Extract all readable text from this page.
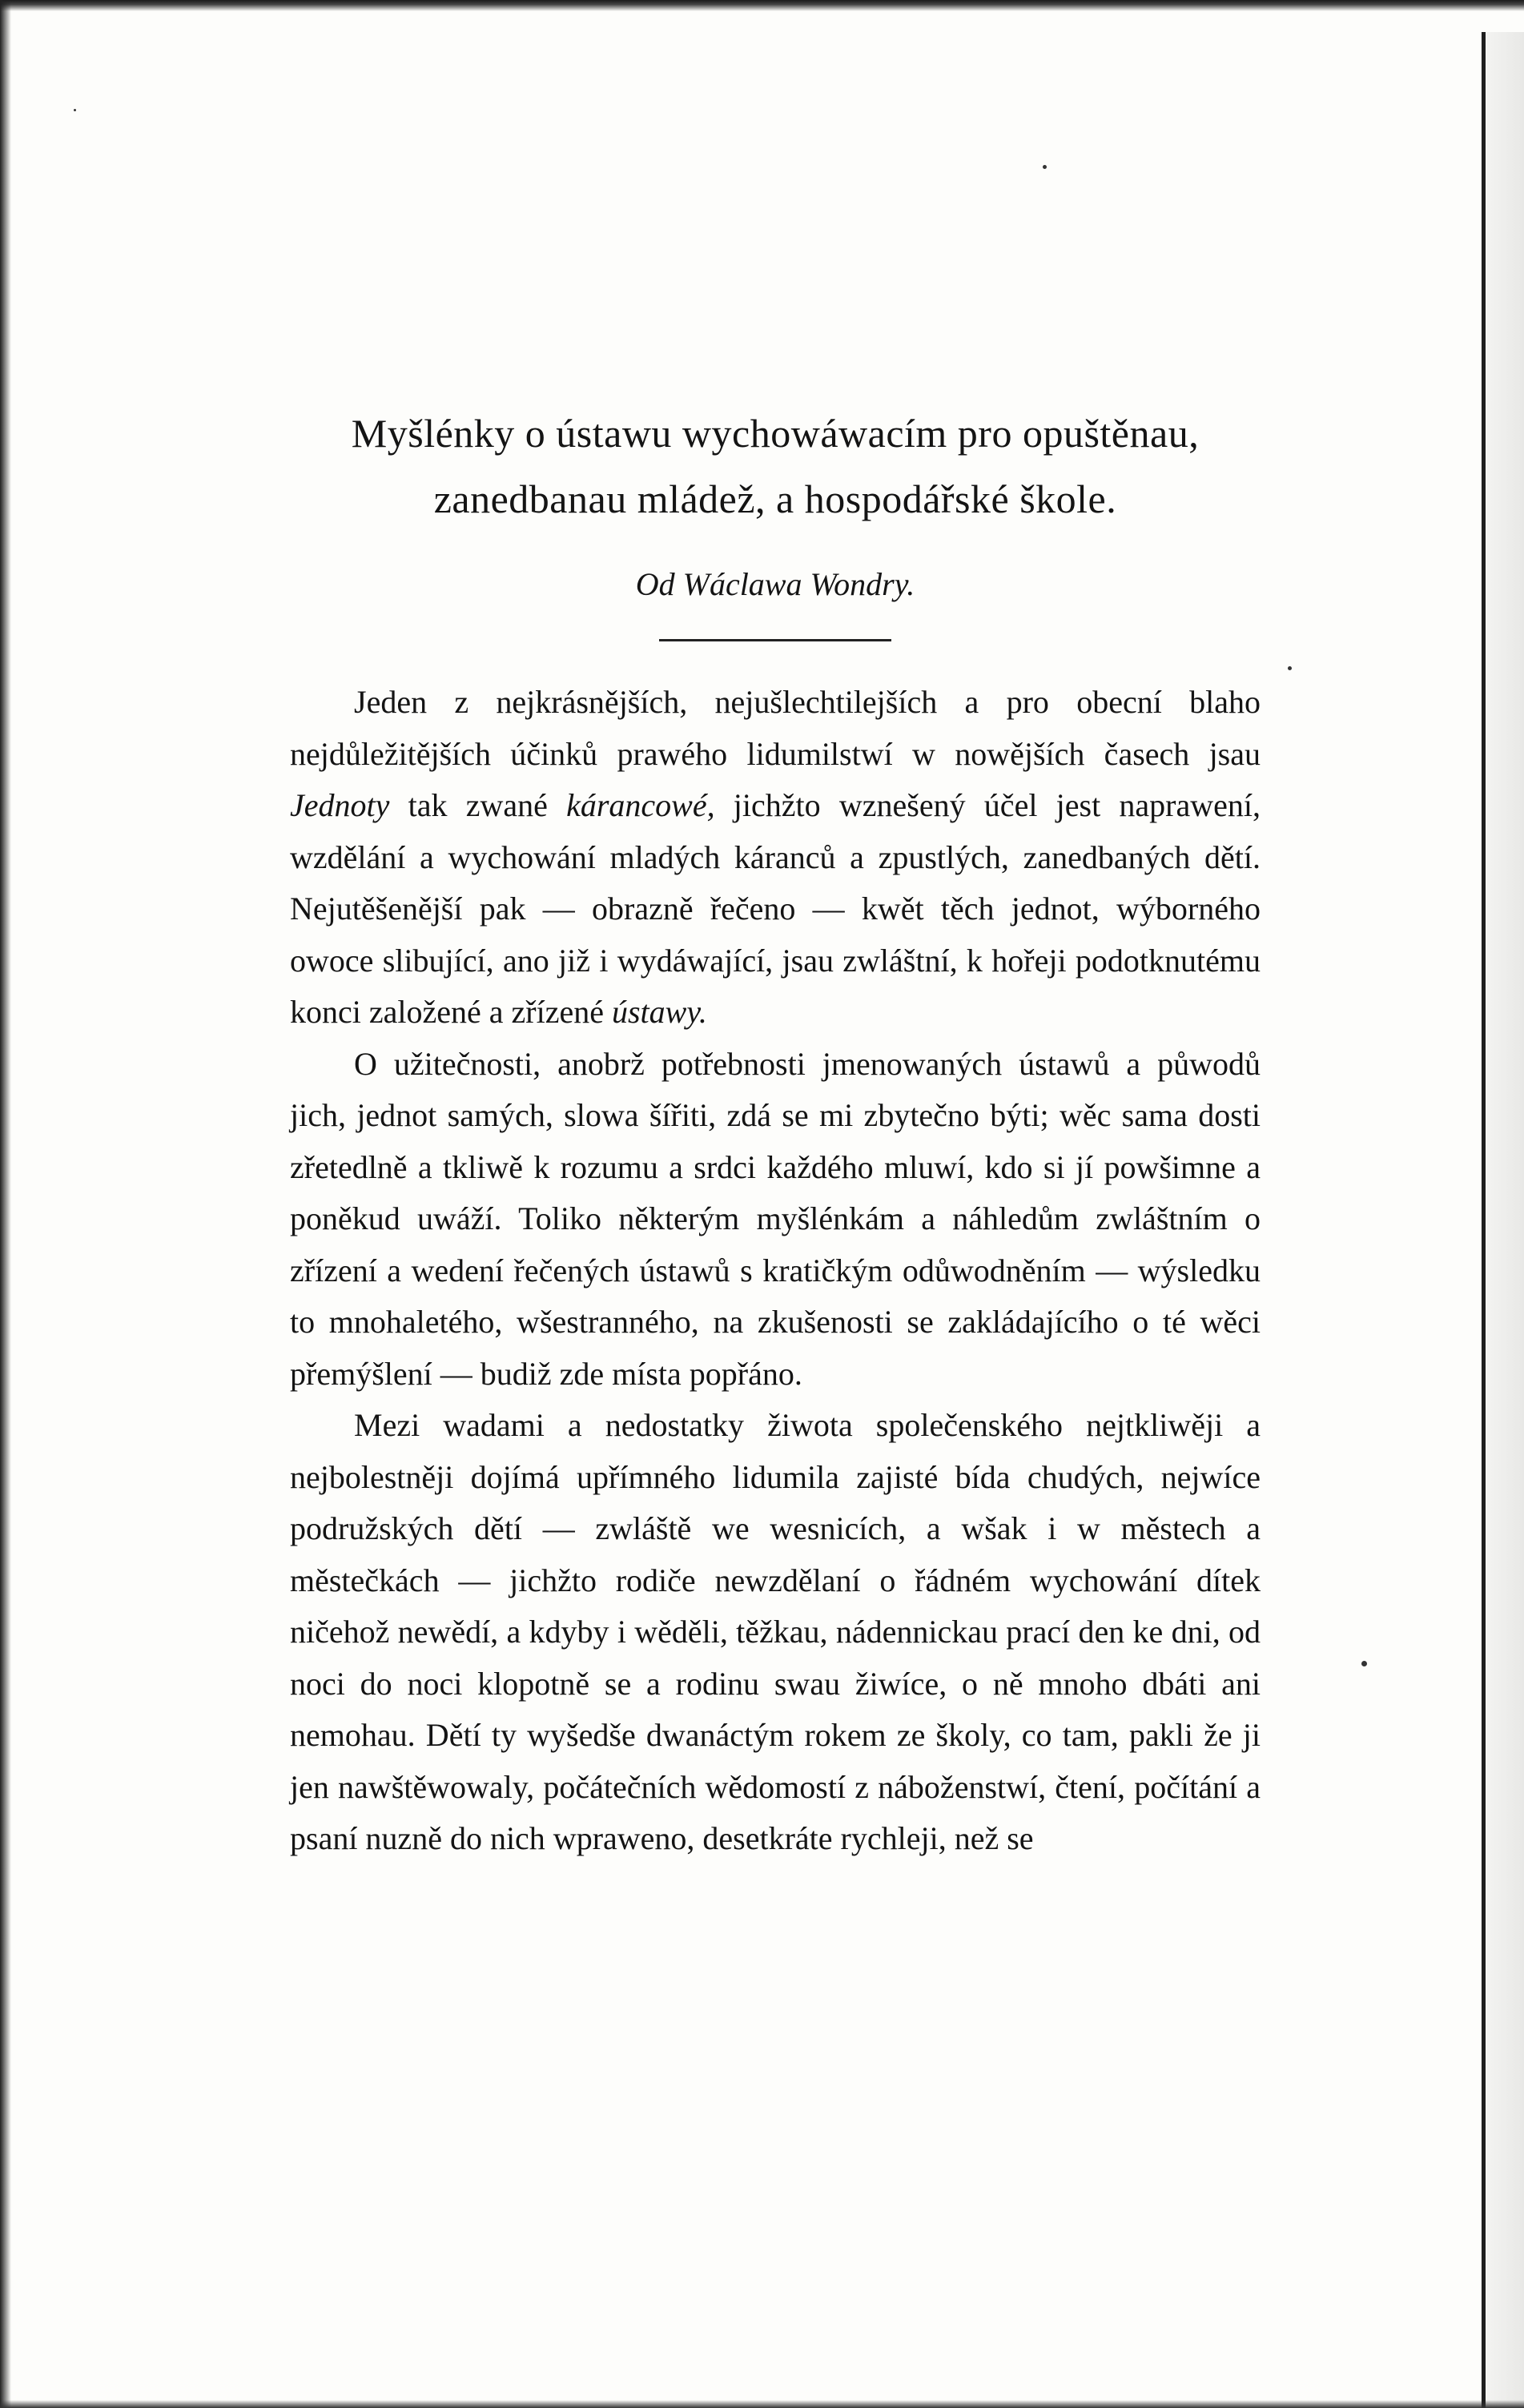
Myšlénky o ústawu wychowáwacím pro opuštěnau,
zanedbanau mládež, a hospodářské škole.
Od Wáclawa Wondry.

Jeden z nejkrásnějších, nejušlechtilejších a pro obecní blaho nejdůležitějších účinků prawého lidumilstwí w nowějších časech jsau Jednoty tak zwané kárancowé, jichžto wznešený účel jest naprawení, wzdělání a wychowání mladých káranců a zpustlých, zanedbaných dětí. Nejutěšenější pak — obrazně řečeno — kwět těch jednot, wýborného owoce slibující, ano již i wydáwající, jsau zwláštní, k hořeji podotknutému konci založené a zřízené ústawy.

O užitečnosti, anobrž potřebnosti jmenowaných ústawů a půwodů jich, jednot samých, slowa šířiti, zdá se mi zbytečno býti; wěc sama dosti zřetedlně a tkliwě k rozumu a srdci každého mluwí, kdo si jí powšimne a poněkud uwáží. Toliko některým myšlénkám a náhledům zwláštním o zřízení a wedení řečených ústawů s kratičkým odůwodněním — wýsledku to mnohaletého, wšestranného, na zkušenosti se zakládajícího o té wěci přemýšlení — budiž zde místa popřáno.

Mezi wadami a nedostatky žiwota společenského nejtkliwěji a nejbolestněji dojímá upřímného lidumila zajisté bída chudých, nejwíce podružských dětí — zwláště we wesnicích, a wšak i w městech a městečkách — jichžto rodiče newzdělaní o řádném wychowání dítek ničehož newědí, a kdyby i wěděli, těžkau, nádennickau prací den ke dni, od noci do noci klopotně se a rodinu swau žiwíce, o ně mnoho dbáti ani nemohau. Dětí ty wyšedše dwanáctým rokem ze školy, co tam, pakli že ji jen nawštěwowaly, počátečních wědomostí z náboženstwí, čtení, počítání a psaní nuzně do nich wpraweno, desetkráte rychleji, než se
